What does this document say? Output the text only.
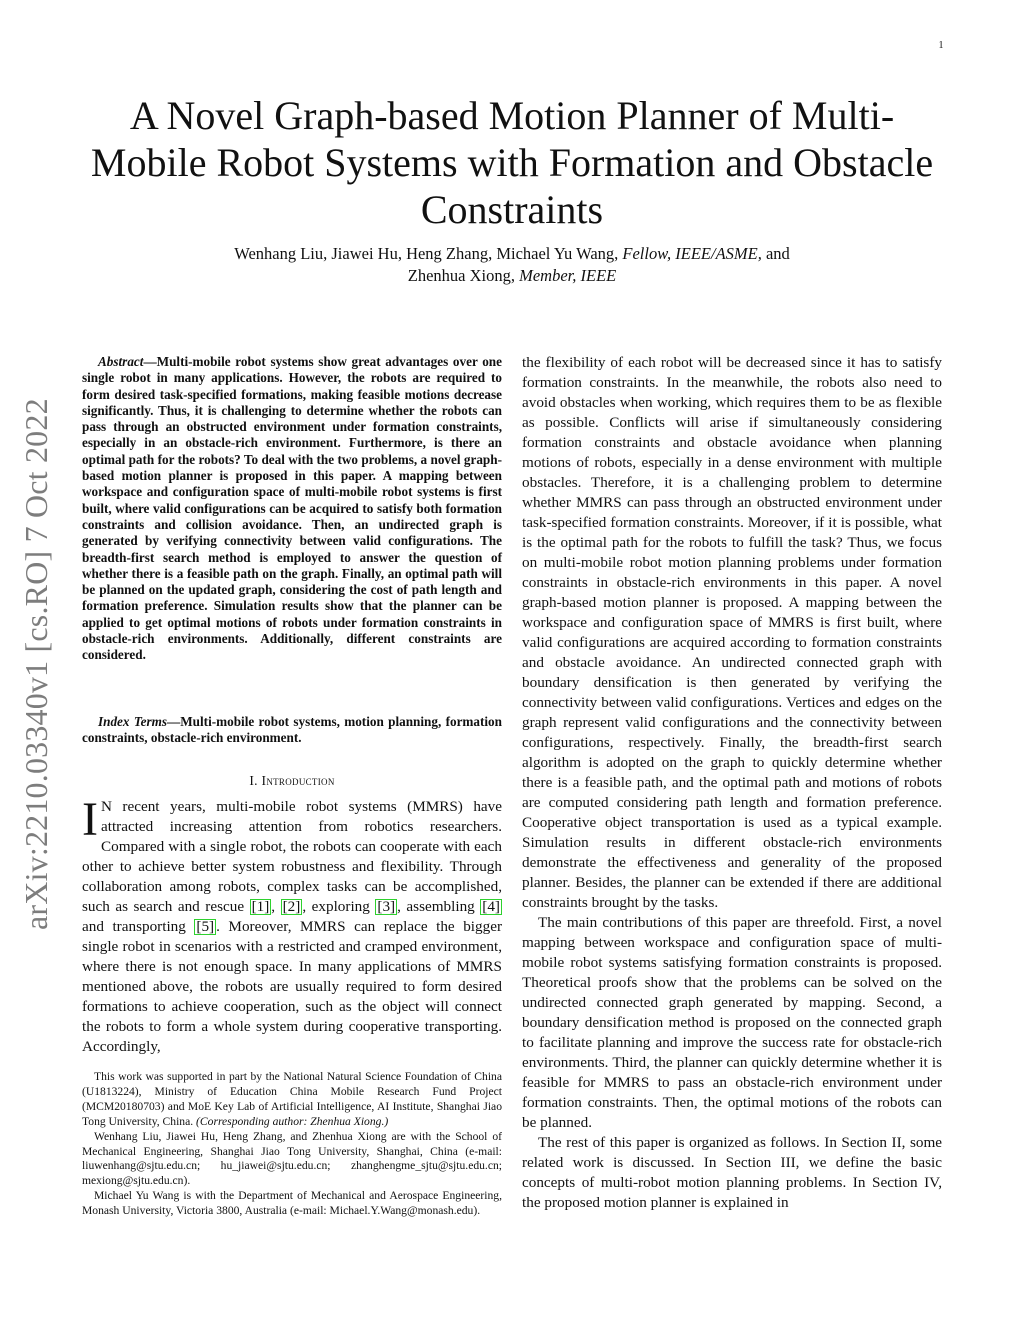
1
arXiv:2210.03340v1 [cs.RO] 7 Oct 2022
A Novel Graph-based Motion Planner of Multi-Mobile Robot Systems with Formation and Obstacle Constraints
Wenhang Liu, Jiawei Hu, Heng Zhang, Michael Yu Wang, Fellow, IEEE/ASME, and
Zhenhua Xiong, Member, IEEE
Abstract—Multi-mobile robot systems show great advantages over one single robot in many applications. However, the robots are required to form desired task-specified formations, making feasible motions decrease significantly. Thus, it is challenging to determine whether the robots can pass through an obstructed environment under formation constraints, especially in an obstacle-rich environment. Furthermore, is there an optimal path for the robots? To deal with the two problems, a novel graph-based motion planner is proposed in this paper. A mapping between workspace and configuration space of multi-mobile robot systems is first built, where valid configurations can be acquired to satisfy both formation constraints and collision avoidance. Then, an undirected graph is generated by verifying connectivity between valid configurations. The breadth-first search method is employed to answer the question of whether there is a feasible path on the graph. Finally, an optimal path will be planned on the updated graph, considering the cost of path length and formation preference. Simulation results show that the planner can be applied to get optimal motions of robots under formation constraints in obstacle-rich environments. Additionally, different constraints are considered.
Index Terms—Multi-mobile robot systems, motion planning, formation constraints, obstacle-rich environment.
I. Introduction
I N recent years, multi-mobile robot systems (MMRS) have attracted increasing attention from robotics researchers. Compared with a single robot, the robots can cooperate with each other to achieve better system robustness and flexibility. Through collaboration among robots, complex tasks can be accomplished, such as search and rescue [1] , [2] , exploring [3] , assembling [4] and transporting [5] . Moreover, MMRS can replace the bigger single robot in scenarios with a restricted and cramped environment, where there is not enough space. In many applications of MMRS mentioned above, the robots are usually required to form desired formations to achieve cooperation, such as the object will connect the robots to form a whole system during cooperative transporting. Accordingly,

This work was supported in part by the National Natural Science Foundation of China (U1813224), Ministry of Education China Mobile Research Fund Project (MCM20180703) and MoE Key Lab of Artificial Intelligence, AI Institute, Shanghai Jiao Tong University, China. (Corresponding author: Zhenhua Xiong.)

Wenhang Liu, Jiawei Hu, Heng Zhang, and Zhenhua Xiong are with the School of Mechanical Engineering, Shanghai Jiao Tong University, Shanghai, China (e-mail: liuwenhang@sjtu.edu.cn; hu_jiawei@sjtu.edu.cn; zhanghengme_sjtu@sjtu.edu.cn; mexiong@sjtu.edu.cn).

Michael Yu Wang is with the Department of Mechanical and Aerospace Engineering, Monash University, Victoria 3800, Australia (e-mail: Michael.Y.Wang@monash.edu).

the flexibility of each robot will be decreased since it has to satisfy formation constraints. In the meanwhile, the robots also need to avoid obstacles when working, which requires them to be as flexible as possible. Conflicts will arise if simultaneously considering formation constraints and obstacle avoidance when planning motions of robots, especially in a dense environment with multiple obstacles. Therefore, it is a challenging problem to determine whether MMRS can pass through an obstructed environment under task-specified formation constraints. Moreover, if it is possible, what is the optimal path for the robots to fulfill the task? Thus, we focus on multi-mobile robot motion planning problems under formation constraints in obstacle-rich environments in this paper. A novel graph-based motion planner is proposed. A mapping between the workspace and configuration space of MMRS is first built, where valid configurations are acquired according to formation constraints and obstacle avoidance. An undirected connected graph with boundary densification is then generated by verifying the connectivity between valid configurations. Vertices and edges on the graph represent valid configurations and the connectivity between configurations, respectively. Finally, the breadth-first search algorithm is adopted on the graph to quickly determine whether there is a feasible path, and the optimal path and motions of robots are computed considering path length and formation preference. Cooperative object transportation is used as a typical example. Simulation results in different obstacle-rich environments demonstrate the effectiveness and generality of the proposed planner. Besides, the planner can be extended if there are additional constraints brought by the tasks.

The main contributions of this paper are threefold. First, a novel mapping between workspace and configuration space of multi-mobile robot systems satisfying formation constraints is proposed. Theoretical proofs show that the problems can be solved on the undirected connected graph generated by mapping. Second, a boundary densification method is proposed on the connected graph to facilitate planning and improve the success rate for obstacle-rich environments. Third, the planner can quickly determine whether it is feasible for MMRS to pass an obstacle-rich environment under formation constraints. Then, the optimal motions of the robots can be planned.

The rest of this paper is organized as follows. In Section II, some related work is discussed. In Section III, we define the basic concepts of multi-robot motion planning problems. In Section IV, the proposed motion planner is explained in
